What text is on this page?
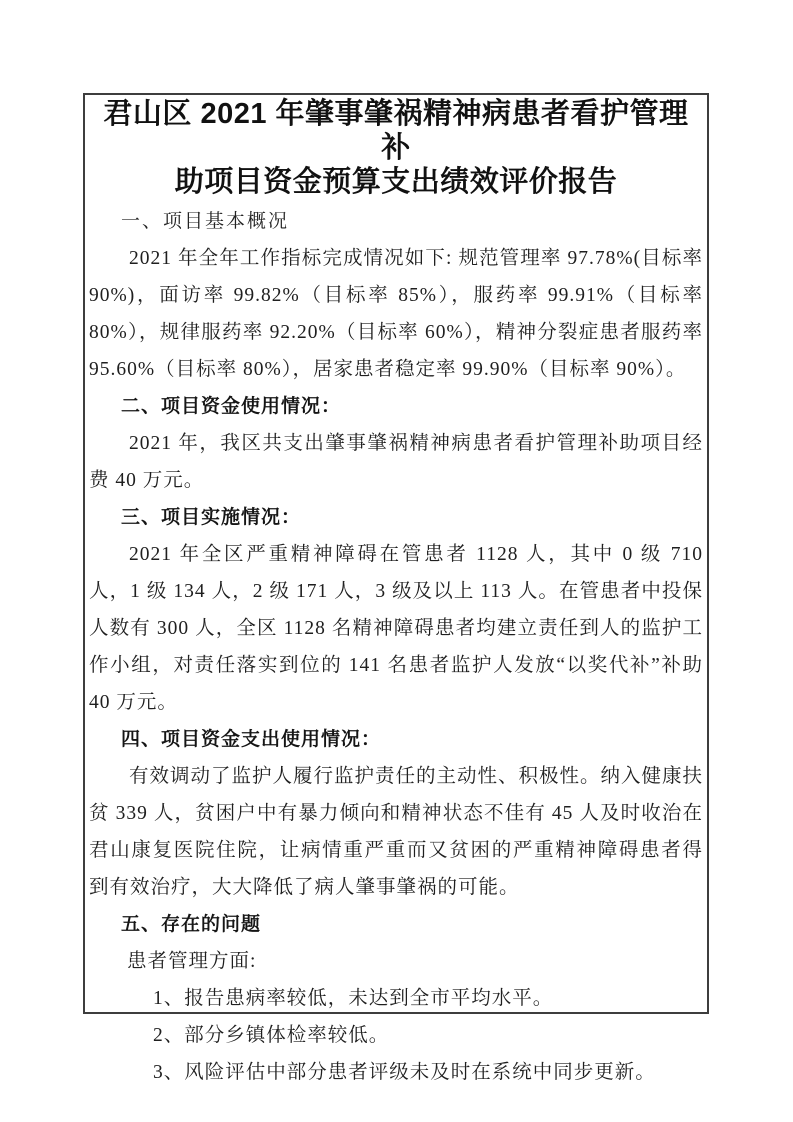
君山区 2021 年肇事肇祸精神病患者看护管理补
助项目资金预算支出绩效评价报告
一、项目基本概况

2021 年全年工作指标完成情况如下: 规范管理率 97.78%(目标率 90%)，面访率 99.82%（目标率 85%），服药率 99.91%（目标率 80%），规律服药率 92.20%（目标率 60%），精神分裂症患者服药率 95.60%（目标率 80%），居家患者稳定率 99.90%（目标率 90%）。

二、项目资金使用情况：

2021 年，我区共支出肇事肇祸精神病患者看护管理补助项目经费 40 万元。

三、项目实施情况：

2021 年全区严重精神障碍在管患者 1128 人，其中 0 级 710 人，1 级 134 人，2 级 171 人，3 级及以上 113 人。在管患者中投保人数有 300 人，全区 1128 名精神障碍患者均建立责任到人的监护工作小组，对责任落实到位的 141 名患者监护人发放“以奖代补”补助 40 万元。

四、项目资金支出使用情况：

有效调动了监护人履行监护责任的主动性、积极性。纳入健康扶贫 339 人，贫困户中有暴力倾向和精神状态不佳有 45 人及时收治在君山康复医院住院，让病情重严重而又贫困的严重精神障碍患者得 到有效治疗，大大降低了病人肇事肇祸的可能。

五、存在的问题

患者管理方面:

1、报告患病率较低，未达到全市平均水平。

2、部分乡镇体检率较低。

3、风险评估中部分患者评级未及时在系统中同步更新。
